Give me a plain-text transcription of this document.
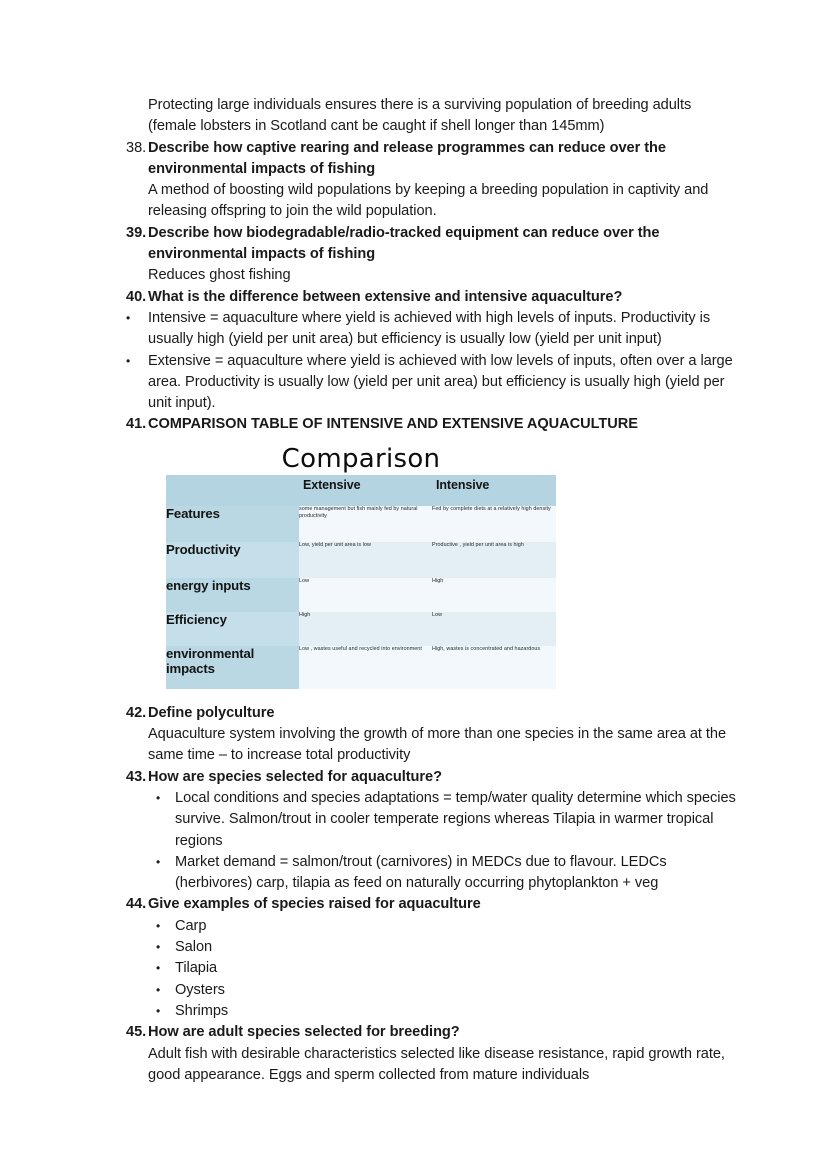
Protecting large individuals ensures there is a surviving population of breeding adults
(female lobsters in Scotland cant be caught if shell longer than 145mm)
38. Describe how captive rearing and release programmes can reduce over the environmental impacts of fishing
A method of boosting wild populations by keeping a breeding population in captivity and releasing offspring to join the wild population.
39. Describe how biodegradable/radio-tracked equipment can reduce over the environmental impacts of fishing
Reduces ghost fishing
40. What is the difference between extensive and intensive aquaculture?
•	Intensive = aquaculture where yield is achieved with high levels of inputs. Productivity is usually high (yield per unit area) but efficiency is usually low (yield per unit input)
•	Extensive = aquaculture where yield is achieved with low levels of inputs, often over a large area. Productivity is usually low (yield per unit area) but efficiency is usually high (yield per unit input).
41. COMPARISON TABLE OF INTENSIVE AND EXTENSIVE AQUACULTURE
Comparison
	Extensive	Intensive
Features	some management but fish mainly fed by natural productivity	Fed by complete diets at a relatively high density
Productivity	Low, yield per unit area is low	Productive , yield per unit area is high
energy inputs	Low	High
Efficiency	High	Low
environmental impacts	Low , wastes useful and recycled into environment	High, wastes is concentrated and hazardous
42. Define polyculture
Aquaculture system involving the growth of more than one species in the same area at the same time – to increase total productivity
43. How are species selected for aquaculture?
•	Local conditions and species adaptations = temp/water quality determine which species survive. Salmon/trout in cooler temperate regions whereas Tilapia in warmer tropical regions
•	Market demand = salmon/trout (carnivores) in MEDCs due to flavour. LEDCs (herbivores) carp, tilapia as feed on naturally occurring phytoplankton + veg
44. Give examples of species raised for aquaculture
•	Carp
•	Salon
•	Tilapia
•	Oysters
•	Shrimps
45. How are adult species selected for breeding?
Adult fish with desirable characteristics selected like disease resistance, rapid growth rate, good appearance. Eggs and sperm collected from mature individuals
